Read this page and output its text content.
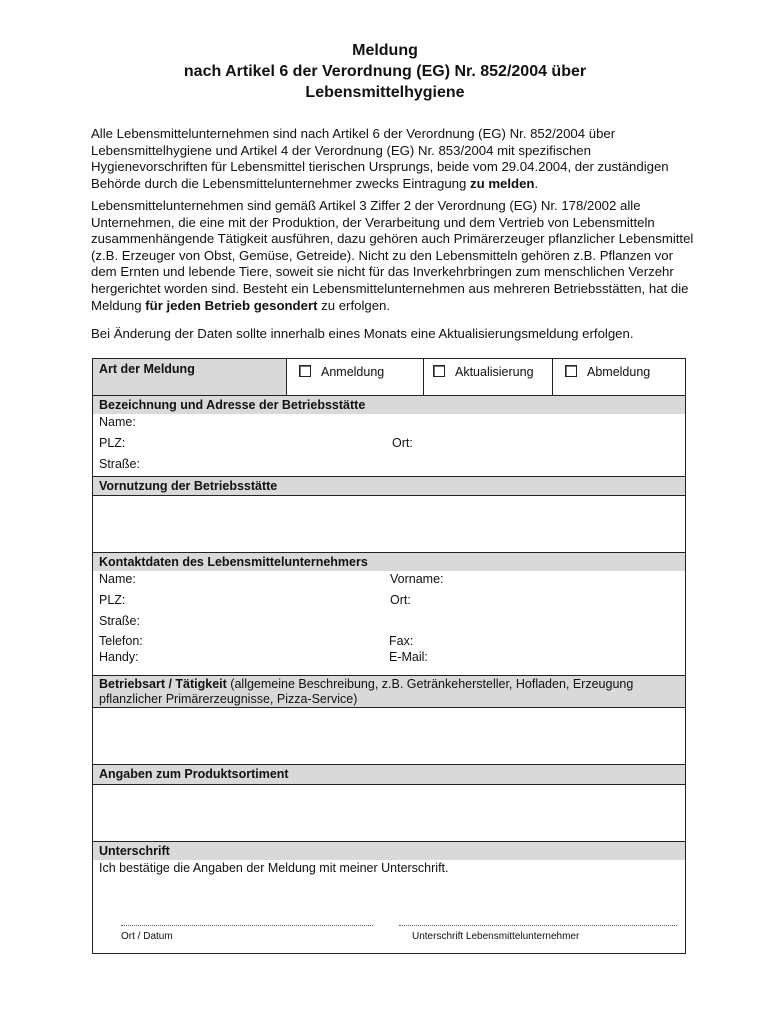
Meldung
nach Artikel 6 der Verordnung (EG) Nr. 852/2004 über
Lebensmittelhygiene

Alle Lebensmittelunternehmen sind nach Artikel 6 der Verordnung (EG) Nr. 852/2004 über Lebensmittelhygiene und Artikel 4 der Verordnung (EG) Nr. 853/2004 mit spezifischen Hygienevorschriften für Lebensmittel tierischen Ursprungs, beide vom 29.04.2004, der zuständigen Behörde durch die Lebensmittelunternehmer zwecks Eintragung zu melden.

Lebensmittelunternehmen sind gemäß Artikel 3 Ziffer 2 der Verordnung (EG) Nr. 178/2002 alle Unternehmen, die eine mit der Produktion, der Verarbeitung und dem Vertrieb von Lebensmitteln zusammenhängende Tätigkeit ausführen, dazu gehören auch Primärerzeuger pflanzlicher Lebensmittel (z.B. Erzeuger von Obst, Gemüse, Getreide). Nicht zu den Lebensmitteln gehören z.B. Pflanzen vor dem Ernten und lebende Tiere, soweit sie nicht für das Inverkehrbringen zum menschlichen Verzehr hergerichtet worden sind. Besteht ein Lebensmittelunternehmen aus mehreren Betriebsstätten, hat die Meldung für jeden Betrieb gesondert zu erfolgen.

Bei Änderung der Daten sollte innerhalb eines Monats eine Aktualisierungsmeldung erfolgen.

Art der Meldung	Anmeldung	Aktualisierung	Abmeldung
Bezeichnung und Adresse der Betriebsstätte
Name:
PLZ:	Ort:
Straße:
Vornutzung der Betriebsstätte
Kontaktdaten des Lebensmittelunternehmers
Name:	Vorname:
PLZ:	Ort:
Straße:
Telefon:	Fax:
Handy:	E-Mail:
Betriebsart / Tätigkeit (allgemeine Beschreibung, z.B. Getränkehersteller, Hofladen, Erzeugung pflanzlicher Primärerzeugnisse, Pizza-Service)
Angaben zum Produktsortiment
Unterschrift
Ich bestätige die Angaben der Meldung mit meiner Unterschrift.
Ort / Datum	Unterschrift Lebensmittelunternehmer
